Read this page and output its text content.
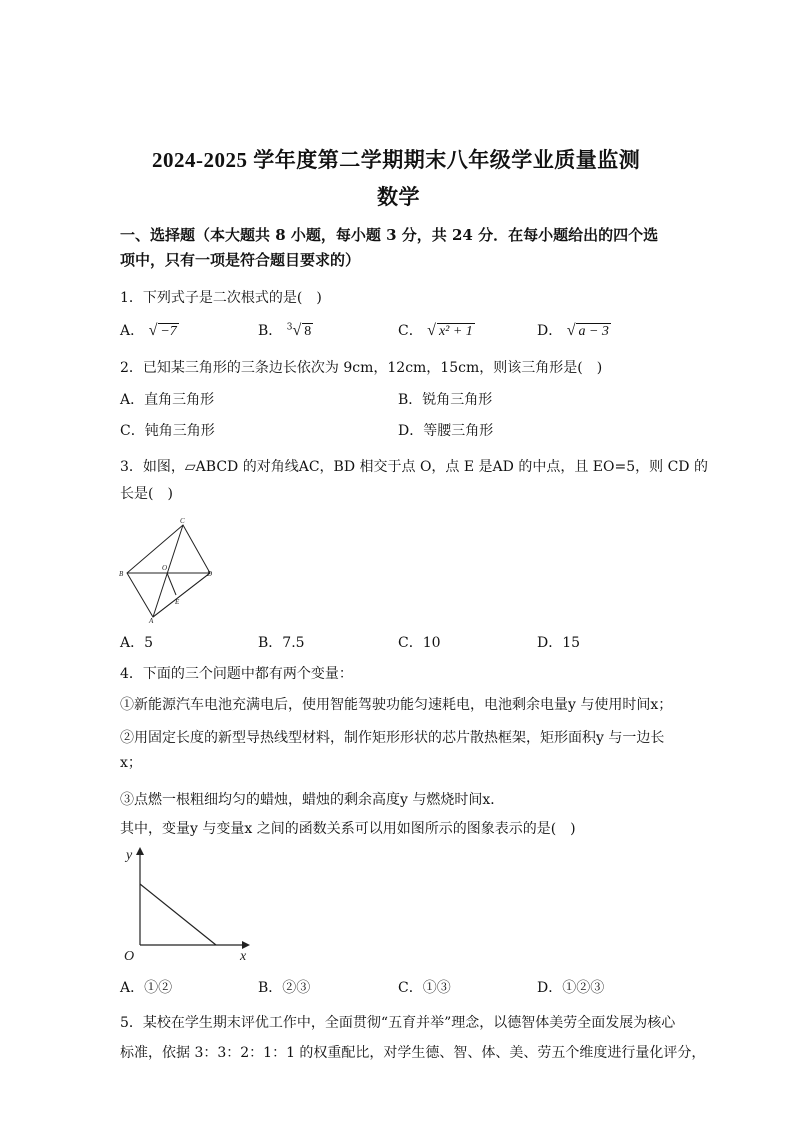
2024-2025 学年度第二学期期末八年级学业质量监测
数学
一、选择题（本大题共 8 小题，每小题 3 分，共 24 分．在每小题给出的四个选
项中，只有一项是符合题目要求的）
1．下列式子是二次根式的是(　)
A． √ −7	B． $^3$√ 8	C． √ x² + 1	D． √ a − 3
2．已知某三角形的三条边长依次为 9cm，12cm，15cm，则该三角形是(　)
A．直角三角形	B．锐角三角形
C．钝角三角形	D．等腰三角形
3．如图，▱ABCD 的对角线AC，BD 相交于点 O，点 E 是AD 的中点，且 EO=5，则 CD 的
长是(　)
C
B
O
D
A
E
A．5	B．7.5	C．10	D．15
4．下面的三个问题中都有两个变量：
①新能源汽车电池充满电后，使用智能驾驶功能匀速耗电，电池剩余电量y 与使用时间x；
②用固定长度的新型导热线型材料，制作矩形形状的芯片散热框架，矩形面积y 与一边长
x；
③点燃一根粗细均匀的蜡烛，蜡烛的剩余高度y 与燃烧时间x．
其中，变量y 与变量x 之间的函数关系可以用如图所示的图象表示的是(　)
y
x
O
A．①②	B．②③	C．①③	D．①②③
5．某校在学生期末评优工作中，全面贯彻“五育并举”理念，以德智体美劳全面发展为核心
标准，依据 3：3：2：1：1 的权重配比，对学生德、智、体、美、劳五个维度进行量化评分，
